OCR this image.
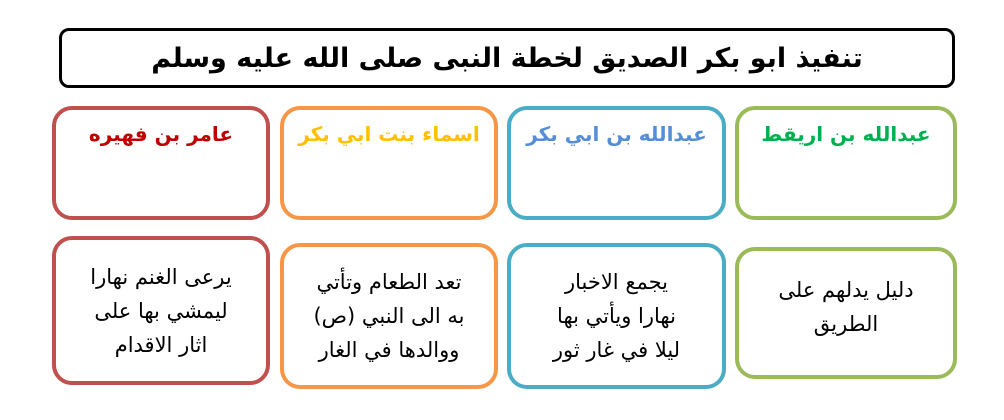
تنفيذ ابو بكر الصديق لخطة النبى صلى الله عليه وسلم
عامر بن فهيره
يرعى الغنم نهارا
ليمشي بها على
اثار الاقدام
اسماء بنت ابي بكر
تعد الطعام وتأتي
به الى النبي (ص)
ووالدها في الغار
عبدالله بن ابي بكر
يجمع الاخبار
نهارا ويأتي بها
ليلا في غار ثور
عبدالله بن اريقط
دليل يدلهم على
الطريق
